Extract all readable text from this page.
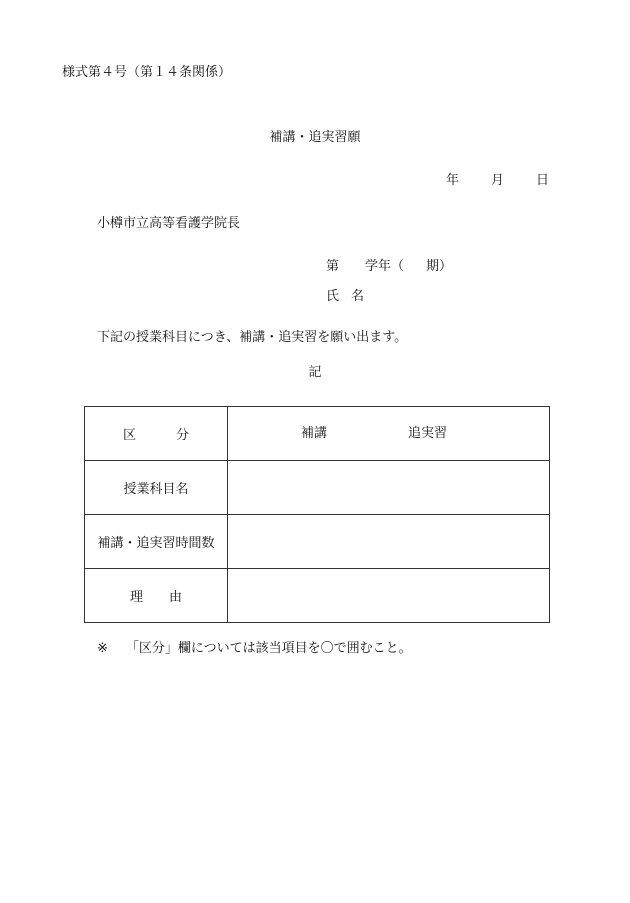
様式第４号（第１４条関係）
補講・追実習願
年 月 日
小樽市立高等看護学院長
第 学年（ 期）
氏 名
下記の授業科目につき、補講・追実習を願い出ます。
記
区 分	補講 追実習

授業科目名	
補講・追実習時間数	
理 由	
※ 「区分」欄については該当項目を〇で囲むこと。
